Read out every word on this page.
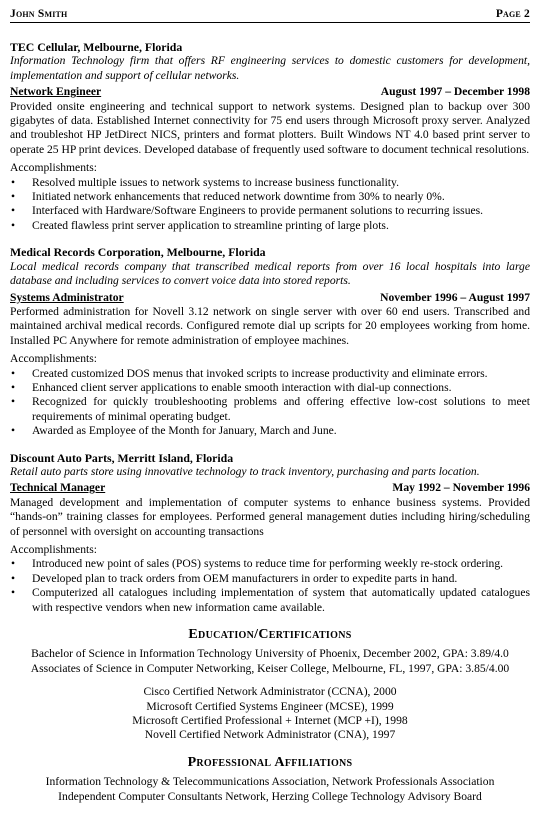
John Smith	Page 2
TEC Cellular, Melbourne, Florida
Information Technology firm that offers RF engineering services to domestic customers for development, implementation and support of cellular networks.
Network Engineer	August 1997 – December 1998
Provided onsite engineering and technical support to network systems. Designed plan to backup over 300 gigabytes of data. Established Internet connectivity for 75 end users through Microsoft proxy server. Analyzed and troubleshot HP JetDirect NICS, printers and format plotters. Built Windows NT 4.0 based print server to operate 25 HP print devices. Developed database of frequently used software to document technical resolutions.
Accomplishments:
• Resolved multiple issues to network systems to increase business functionality.
• Initiated network enhancements that reduced network downtime from 30% to nearly 0%.
• Interfaced with Hardware/Software Engineers to provide permanent solutions to recurring issues.
• Created flawless print server application to streamline printing of large plots.
Medical Records Corporation, Melbourne, Florida
Local medical records company that transcribed medical reports from over 16 local hospitals into large database and including services to convert voice data into stored reports.
Systems Administrator	November 1996 – August 1997
Performed administration for Novell 3.12 network on single server with over 60 end users. Transcribed and maintained archival medical records. Configured remote dial up scripts for 20 employees working from home. Installed PC Anywhere for remote administration of employee machines.
Accomplishments:
• Created customized DOS menus that invoked scripts to increase productivity and eliminate errors.
• Enhanced client server applications to enable smooth interaction with dial-up connections.
• Recognized for quickly troubleshooting problems and offering effective low-cost solutions to meet requirements of minimal operating budget.
• Awarded as Employee of the Month for January, March and June.
Discount Auto Parts, Merritt Island, Florida
Retail auto parts store using innovative technology to track inventory, purchasing and parts location.
Technical Manager	May 1992 – November 1996
Managed development and implementation of computer systems to enhance business systems. Provided “hands-on” training classes for employees. Performed general management duties including hiring/scheduling of personnel with oversight on accounting transactions
Accomplishments:
• Introduced new point of sales (POS) systems to reduce time for performing weekly re-stock ordering.
• Developed plan to track orders from OEM manufacturers in order to expedite parts in hand.
• Computerized all catalogues including implementation of system that automatically updated catalogues with respective vendors when new information came available.
Education/Certifications
Bachelor of Science in Information Technology University of Phoenix, December 2002, GPA: 3.89/4.0
Associates of Science in Computer Networking, Keiser College, Melbourne, FL, 1997, GPA: 3.85/4.00
Cisco Certified Network Administrator (CCNA), 2000
Microsoft Certified Systems Engineer (MCSE), 1999
Microsoft Certified Professional + Internet (MCP +I), 1998
Novell Certified Network Administrator (CNA), 1997
Professional Affiliations
Information Technology & Telecommunications Association, Network Professionals Association
Independent Computer Consultants Network, Herzing College Technology Advisory Board
